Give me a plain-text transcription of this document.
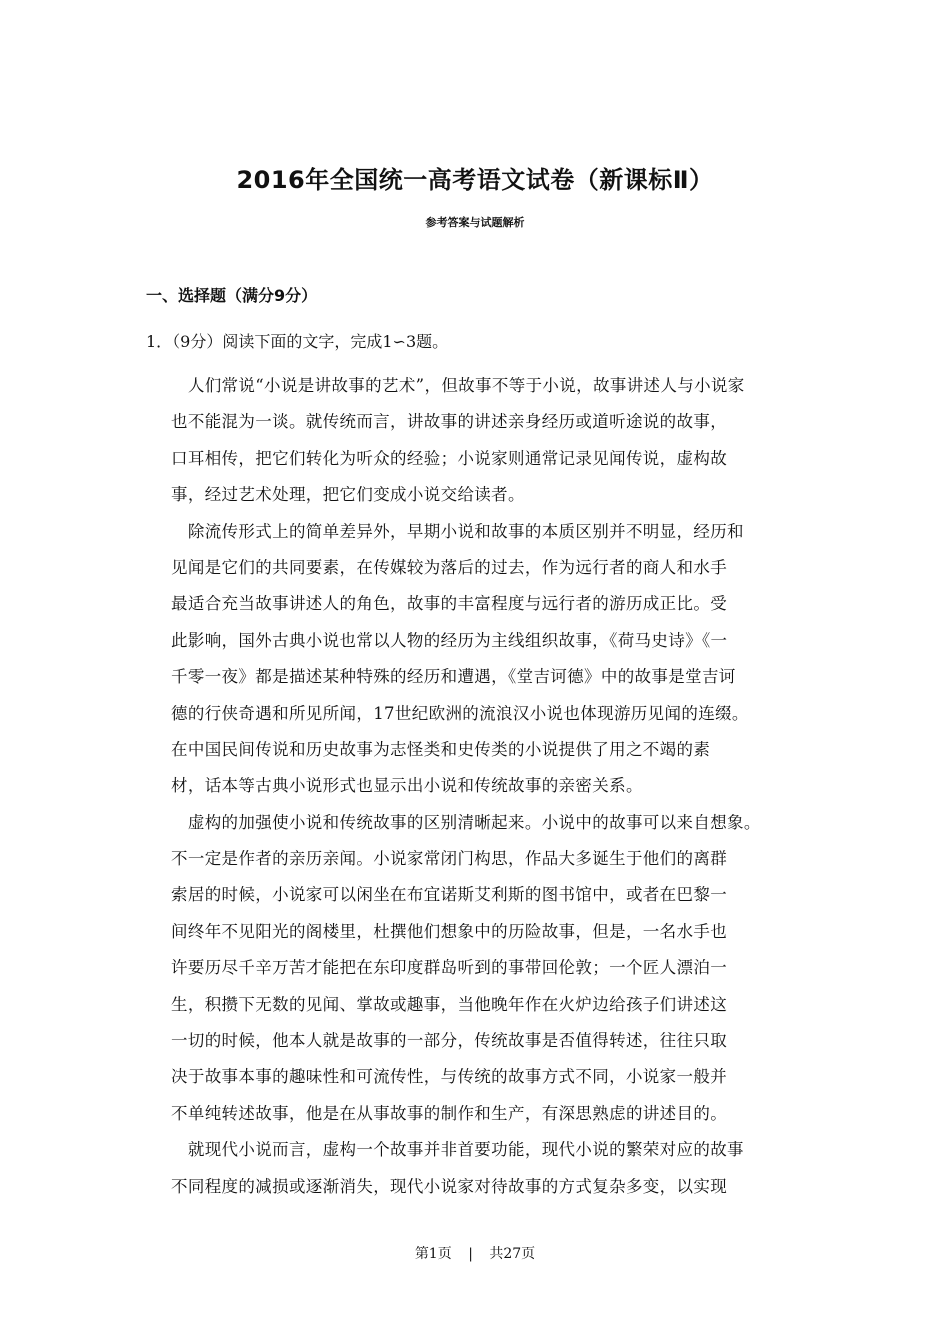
2016年全国统一高考语文试卷（新课标Ⅱ）
参考答案与试题解析
一、选择题（满分9分）
1．（9分）阅读下面的文字，完成1∽3题。
　人们常说“小说是讲故事的艺术”，但故事不等于小说，故事讲述人与小说家
也不能混为一谈。就传统而言，讲故事的讲述亲身经历或道听途说的故事，
口耳相传，把它们转化为听众的经验；小说家则通常记录见闻传说，虚构故
事，经过艺术处理，把它们变成小说交给读者。
　除流传形式上的简单差异外，早期小说和故事的本质区别并不明显，经历和
见闻是它们的共同要素，在传媒较为落后的过去，作为远行者的商人和水手
最适合充当故事讲述人的角色，故事的丰富程度与远行者的游历成正比。受
此影响，国外古典小说也常以人物的经历为主线组织故事，《荷马史诗》《一
千零一夜》都是描述某种特殊的经历和遭遇，《堂吉诃德》中的故事是堂吉诃
德的行侠奇遇和所见所闻，17世纪欧洲的流浪汉小说也体现游历见闻的连缀。
在中国民间传说和历史故事为志怪类和史传类的小说提供了用之不竭的素
材，话本等古典小说形式也显示出小说和传统故事的亲密关系。
　虚构的加强使小说和传统故事的区别清晰起来。小说中的故事可以来自想象。
不一定是作者的亲历亲闻。小说家常闭门构思，作品大多诞生于他们的离群
索居的时候，小说家可以闲坐在布宜诺斯艾利斯的图书馆中，或者在巴黎一
间终年不见阳光的阁楼里，杜撰他们想象中的历险故事，但是，一名水手也
许要历尽千辛万苦才能把在东印度群岛听到的事带回伦敦；一个匠人漂泊一
生，积攒下无数的见闻、掌故或趣事，当他晚年作在火炉边给孩子们讲述这
一切的时候，他本人就是故事的一部分，传统故事是否值得转述，往往只取
决于故事本事的趣味性和可流传性，与传统的故事方式不同，小说家一般并
不单纯转述故事，他是在从事故事的制作和生产，有深思熟虑的讲述目的。
　就现代小说而言，虚构一个故事并非首要功能，现代小说的繁荣对应的故事
不同程度的减损或逐渐消失，现代小说家对待故事的方式复杂多变，以实现
第1页 | 共27页
